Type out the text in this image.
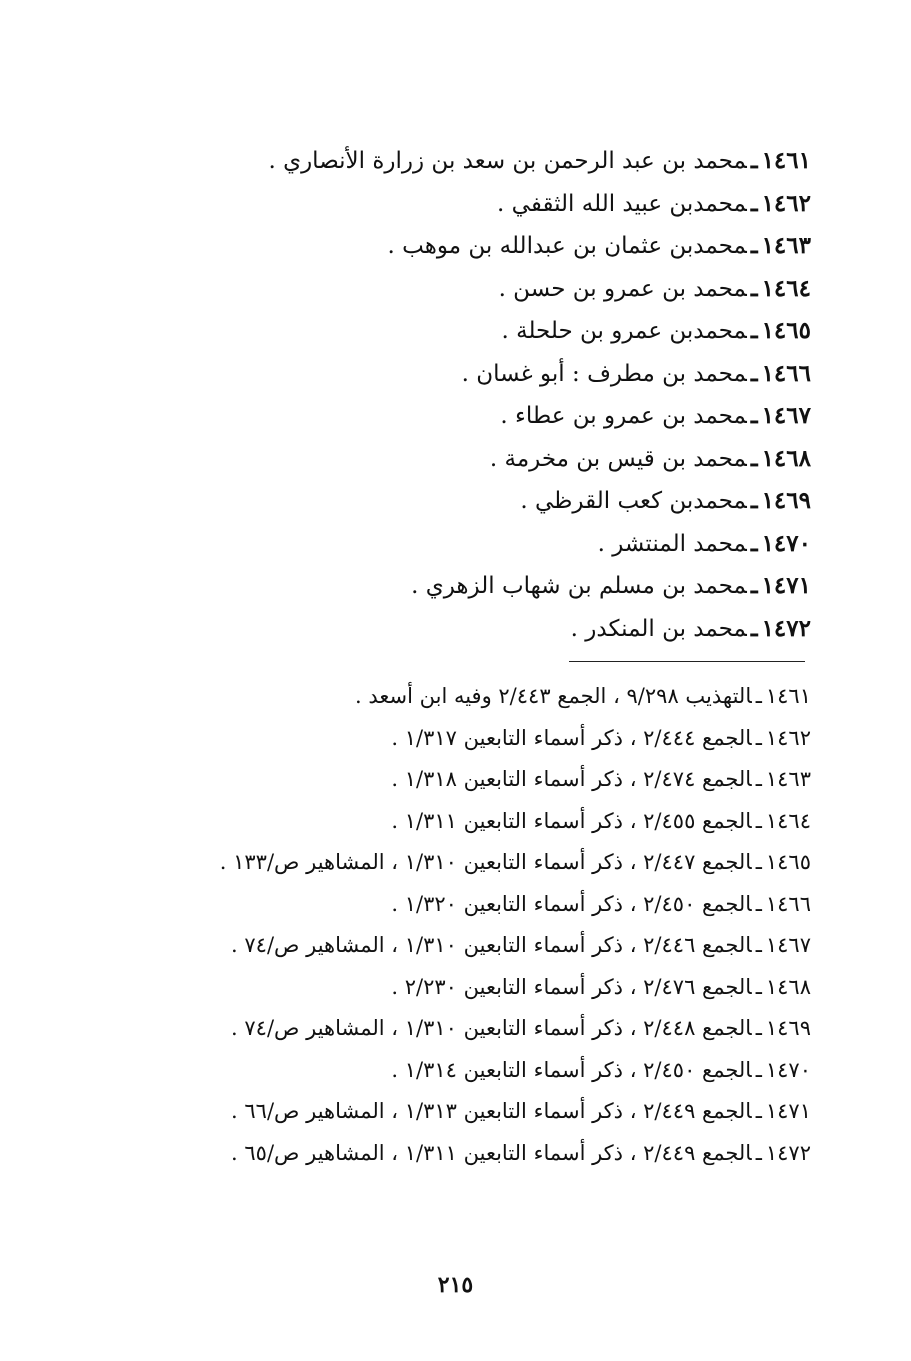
١٤٦١ـمحمد بن عبد الرحمن بن سعد بن زرارة الأنصاري .
١٤٦٢ـمحمدبن عبيد الله الثقفي .
١٤٦٣ـمحمدبن عثمان بن عبدالله بن موهب .
١٤٦٤ـمحمد بن عمرو بن حسن .
١٤٦٥ـمحمدبن عمرو بن حلحلة .
١٤٦٦ـمحمد بن مطرف : أبو غسان .
١٤٦٧ـمحمد بن عمرو بن عطاء .
١٤٦٨ـمحمد بن قيس بن مخرمة .
١٤٦٩ـمحمدبن كعب القرظي .
١٤٧٠ـمحمد المنتشر .
١٤٧١ـمحمد بن مسلم بن شهاب الزهري .
١٤٧٢ـمحمد بن المنكدر .
١٤٦١ـالتهذيب ٩/٢٩٨ ، الجمع ٢/٤٤٣ وفيه ابن أسعد .
١٤٦٢ـالجمع ٢/٤٤٤ ، ذكر أسماء التابعين ١/٣١٧ .
١٤٦٣ـالجمع ٢/٤٧٤ ، ذكر أسماء التابعين ١/٣١٨ .
١٤٦٤ـالجمع ٢/٤٥٥ ، ذكر أسماء التابعين ١/٣١١ .
١٤٦٥ـالجمع ٢/٤٤٧ ، ذكر أسماء التابعين ١/٣١٠ ، المشاهير ص/١٣٣ .
١٤٦٦ـالجمع ٢/٤٥٠ ، ذكر أسماء التابعين ١/٣٢٠ .
١٤٦٧ـالجمع ٢/٤٤٦ ، ذكر أسماء التابعين ١/٣١٠ ، المشاهير ص/٧٤ .
١٤٦٨ـالجمع ٢/٤٧٦ ، ذكر أسماء التابعين ٢/٢٣٠ .
١٤٦٩ـالجمع ٢/٤٤٨ ، ذكر أسماء التابعين ١/٣١٠ ، المشاهير ص/٧٤ .
١٤٧٠ـالجمع ٢/٤٥٠ ، ذكر أسماء التابعين ١/٣١٤ .
١٤٧١ـالجمع ٢/٤٤٩ ، ذكر أسماء التابعين ١/٣١٣ ، المشاهير ص/٦٦ .
١٤٧٢ـالجمع ٢/٤٤٩ ، ذكر أسماء التابعين ١/٣١١ ، المشاهير ص/٦٥ .
٢١٥
